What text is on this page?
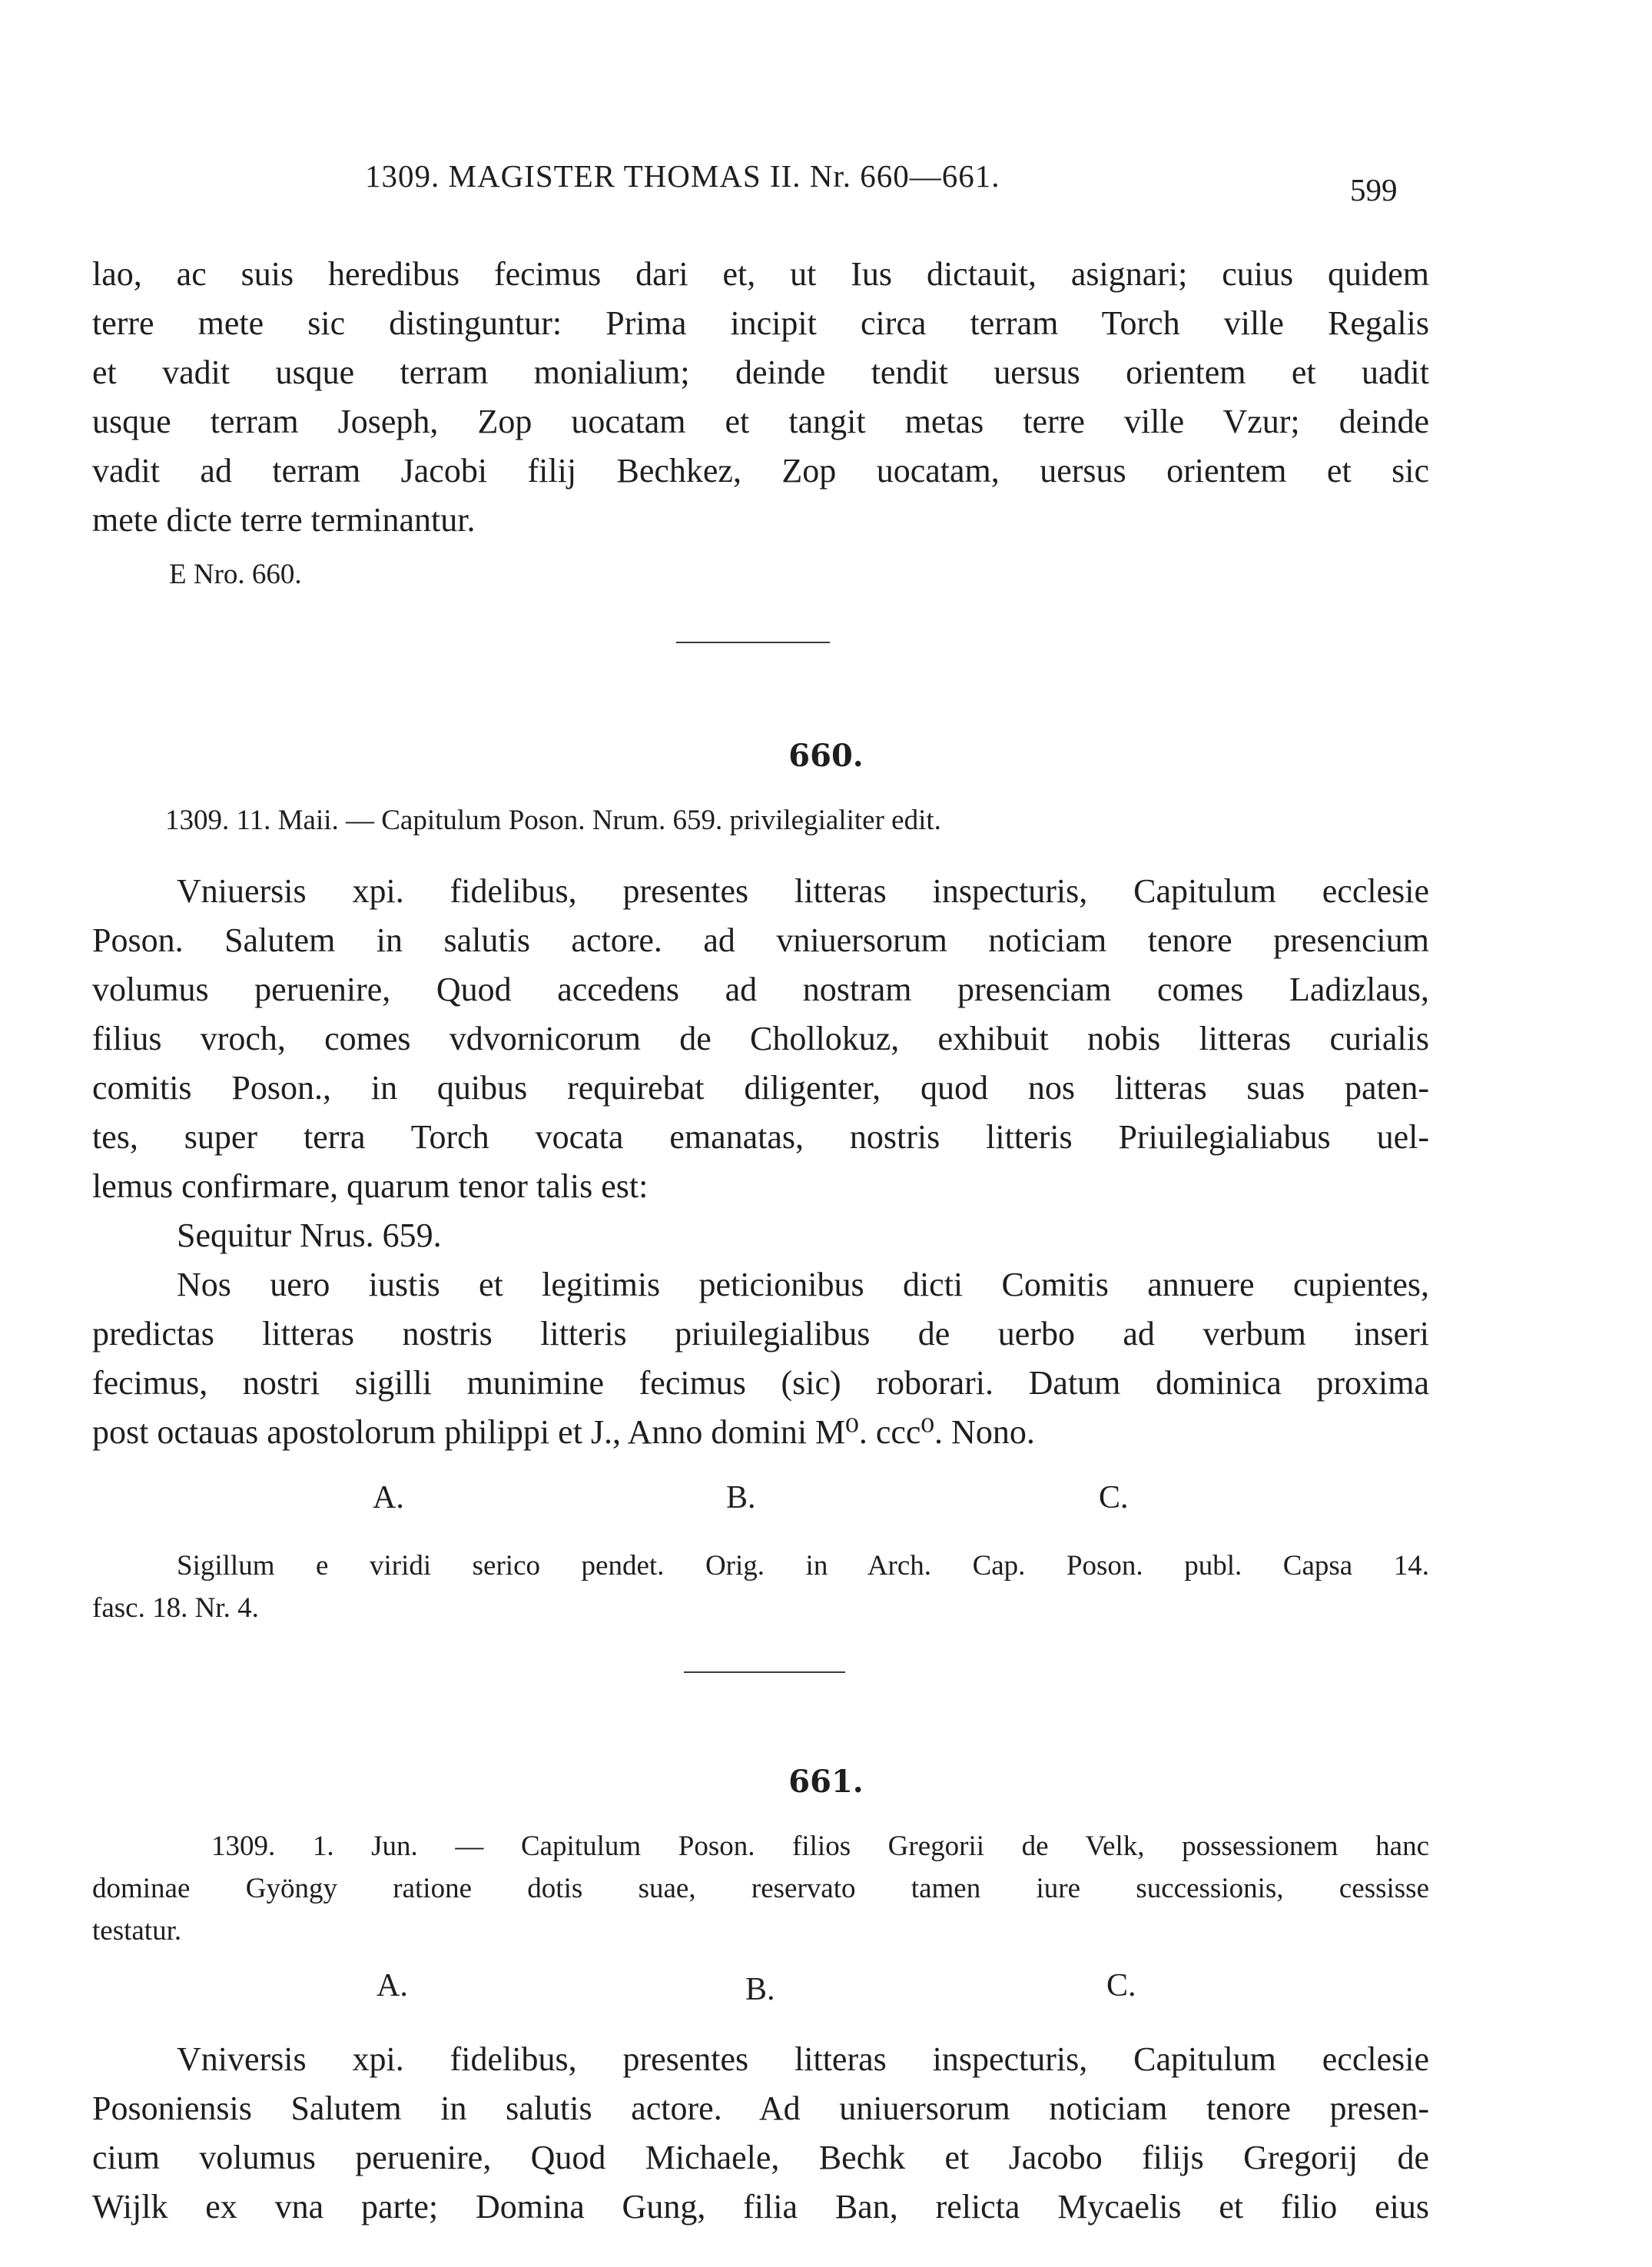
1309. MAGISTER THOMAS II. Nr. 660—661.	599
lao, ac suis heredibus fecimus dari et, ut Ius dictauit, asignari; cuius quidem
terre mete sic distinguntur: Prima incipit circa terram Torch ville Regalis
et vadit usque terram monialium; deinde tendit uersus orientem et uadit
usque terram Joseph, Zop uocatam et tangit metas terre ville Vzur; deinde
vadit ad terram Jacobi filij Bechkez, Zop uocatam, uersus orientem et sic
mete dicte terre terminantur.
E Nro. 660.
660.
1309. 11. Maii. — Capitulum Poson. Nrum. 659. privilegialiter edit.
Vniuersis xpi. fidelibus, presentes litteras inspecturis, Capitulum ecclesie
Poson. Salutem in salutis actore. ad vniuersorum noticiam tenore presencium
volumus peruenire, Quod accedens ad nostram presenciam comes Ladizlaus,
filius vroch, comes vdvornicorum de Chollokuz, exhibuit nobis litteras curialis
comitis Poson., in quibus requirebat diligenter, quod nos litteras suas paten-
tes, super terra Torch vocata emanatas, nostris litteris Priuilegialiabus uel-
lemus confirmare, quarum tenor talis est:
Sequitur Nrus. 659.
Nos uero iustis et legitimis peticionibus dicti Comitis annuere cupientes,
predictas litteras nostris litteris priuilegialibus de uerbo ad verbum inseri
fecimus, nostri sigilli munimine fecimus (sic) roborari. Datum dominica proxima
post octauas apostolorum philippi et J., Anno domini M⁰. ccc⁰. Nono.
A.	B.	C.
Sigillum e viridi serico pendet. Orig. in Arch. Cap. Poson. publ. Capsa 14.
fasc. 18. Nr. 4.
661.
1309. 1. Jun. — Capitulum Poson. filios Gregorii de Velk, possessionem hanc
dominae Gyöngy ratione dotis suae, reservato tamen iure successionis, cessisse
testatur.
A.	B.	C.
Vniversis xpi. fidelibus, presentes litteras inspecturis, Capitulum ecclesie
Posoniensis Salutem in salutis actore. Ad uniuersorum noticiam tenore presen-
cium volumus peruenire, Quod Michaele, Bechk et Jacobo filijs Gregorij de
Wijlk ex vna parte; Domina Gung, filia Ban, relicta Mycaelis et filio eius
